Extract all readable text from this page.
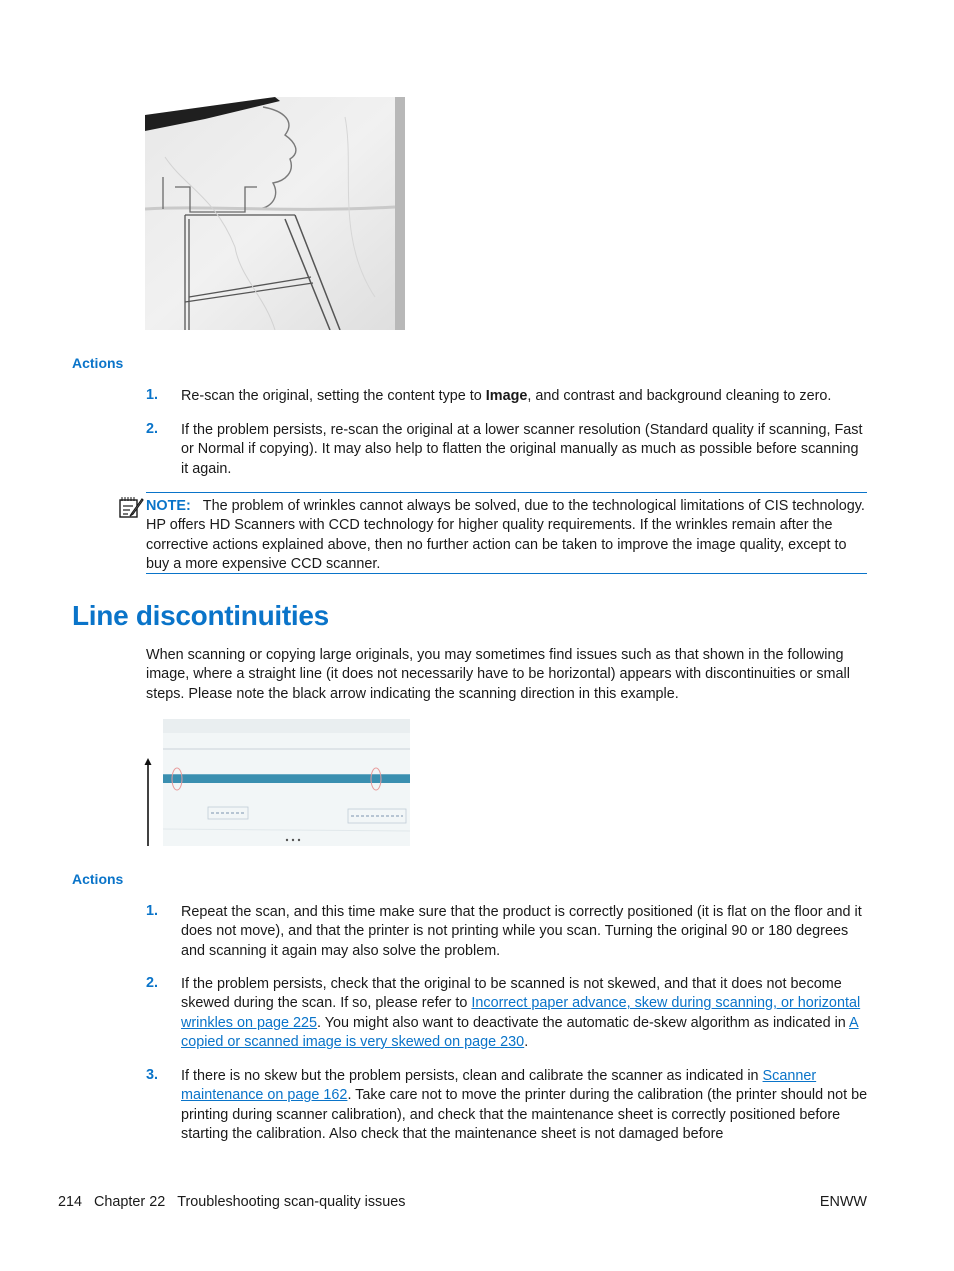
Actions
1. Re-scan the original, setting the content type to Image, and contrast and background cleaning to zero.
2. If the problem persists, re-scan the original at a lower scanner resolution (Standard quality if scanning, Fast or Normal if copying). It may also help to flatten the original manually as much as possible before scanning it again.
NOTE: The problem of wrinkles cannot always be solved, due to the technological limitations of CIS technology. HP offers HD Scanners with CCD technology for higher quality requirements. If the wrinkles remain after the corrective actions explained above, then no further action can be taken to improve the image quality, except to buy a more expensive CCD scanner.
Line discontinuities
When scanning or copying large originals, you may sometimes find issues such as that shown in the following image, where a straight line (it does not necessarily have to be horizontal) appears with discontinuities or small steps. Please note the black arrow indicating the scanning direction in this example.
Actions
1. Repeat the scan, and this time make sure that the product is correctly positioned (it is flat on the floor and it does not move), and that the printer is not printing while you scan. Turning the original 90 or 180 degrees and scanning it again may also solve the problem.
2. If the problem persists, check that the original to be scanned is not skewed, and that it does not become skewed during the scan. If so, please refer to Incorrect paper advance, skew during scanning, or horizontal wrinkles on page 225. You might also want to deactivate the automatic de-skew algorithm as indicated in A copied or scanned image is very skewed on page 230.
3. If there is no skew but the problem persists, clean and calibrate the scanner as indicated in Scanner maintenance on page 162. Take care not to move the printer during the calibration (the printer should not be printing during scanner calibration), and check that the maintenance sheet is correctly positioned before starting the calibration. Also check that the maintenance sheet is not damaged before
214 Chapter 22 Troubleshooting scan-quality issues	ENWW
